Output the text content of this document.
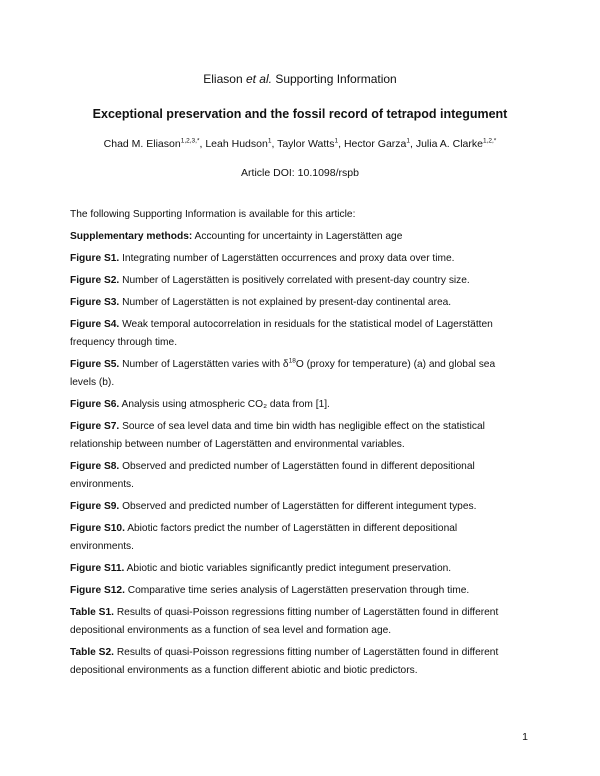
Eliason et al. Supporting Information
Exceptional preservation and the fossil record of tetrapod integument
Chad M. Eliason$^{1,2,3,*}$, Leah Hudson$^1$, Taylor Watts$^1$, Hector Garza$^1$, Julia A. Clarke$^{1,2,*}$
Article DOI: 10.1098/rspb
The following Supporting Information is available for this article:
Supplementary methods: Accounting for uncertainty in Lagerstätten age
Figure S1. Integrating number of Lagerstätten occurrences and proxy data over time.
Figure S2. Number of Lagerstätten is positively correlated with present-day country size.
Figure S3. Number of Lagerstätten is not explained by present-day continental area.
Figure S4. Weak temporal autocorrelation in residuals for the statistical model of Lagerstätten
frequency through time.
Figure S5. Number of Lagerstätten varies with $\delta^{18}O$ (proxy for temperature) (a) and global sea
levels (b).
Figure S6. Analysis using atmospheric CO₂ data from [1].
Figure S7. Source of sea level data and time bin width has negligible effect on the statistical
relationship between number of Lagerstätten and environmental variables.
Figure S8. Observed and predicted number of Lagerstätten found in different depositional
environments.
Figure S9. Observed and predicted number of Lagerstätten for different integument types.
Figure S10. Abiotic factors predict the number of Lagerstätten in different depositional
environments.
Figure S11. Abiotic and biotic variables significantly predict integument preservation.
Figure S12. Comparative time series analysis of Lagerstätten preservation through time.
Table S1. Results of quasi-Poisson regressions fitting number of Lagerstätten found in different
depositional environments as a function of sea level and formation age.
Table S2. Results of quasi-Poisson regressions fitting number of Lagerstätten found in different
depositional environments as a function different abiotic and biotic predictors.
1
